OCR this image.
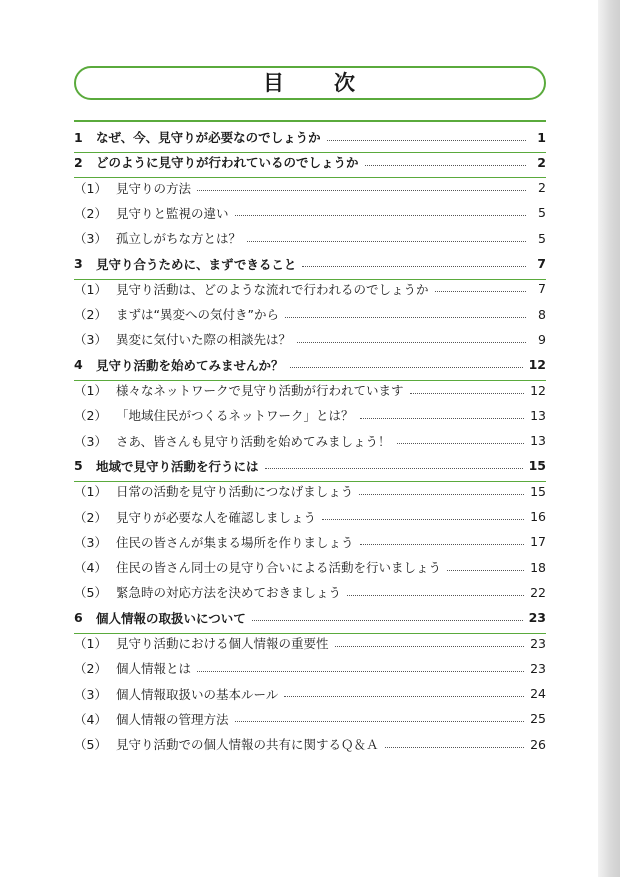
目 次
1	なぜ、今、見守りが必要なのでしょうか	1
2	どのように見守りが行われているのでしょうか	2
（1） 見守りの方法	2
（2） 見守りと監視の違い	5
（3） 孤立しがちな方とは？	5
3	見守り合うために、まずできること	7
（1） 見守り活動は、どのような流れで行われるのでしょうか	7
（2） まずは“異変への気付き”から	8
（3） 異変に気付いた際の相談先は？	9
4	見守り活動を始めてみませんか？	12
（1） 様々なネットワークで見守り活動が行われています	12
（2） 「地域住民がつくるネットワーク」とは？	13
（3） さあ、皆さんも見守り活動を始めてみましょう！	13
5	地域で見守り活動を行うには	15
（1） 日常の活動を見守り活動につなげましょう	15
（2） 見守りが必要な人を確認しましょう	16
（3） 住民の皆さんが集まる場所を作りましょう	17
（4） 住民の皆さん同士の見守り合いによる活動を行いましょう	18
（5） 緊急時の対応方法を決めておきましょう	22
6	個人情報の取扱いについて	23
（1） 見守り活動における個人情報の重要性	23
（2） 個人情報とは	23
（3） 個人情報取扱いの基本ルール	24
（4） 個人情報の管理方法	25
（5） 見守り活動での個人情報の共有に関するＱ＆Ａ	26
